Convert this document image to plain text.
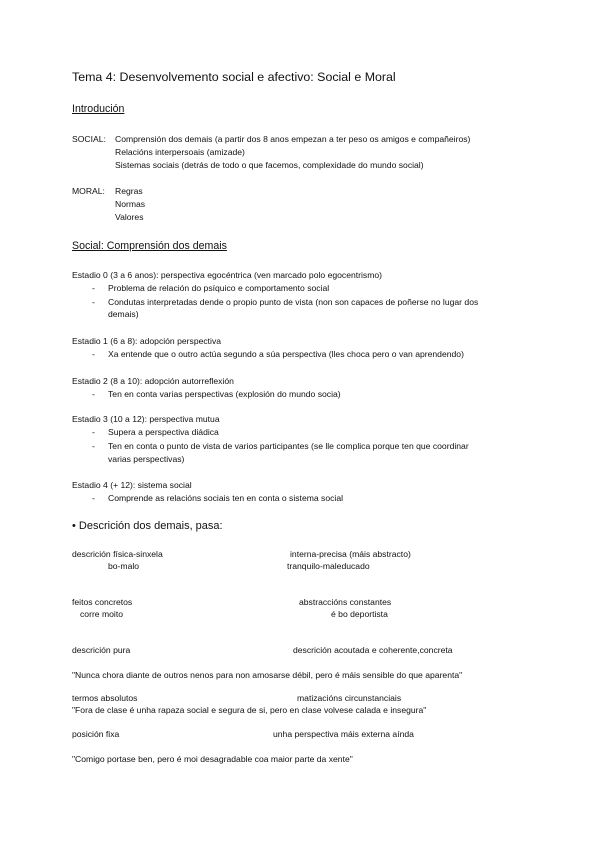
Tema 4: Desenvolvemento social e afectivo: Social e Moral
Introdución
SOCIAL: Comprensión dos demais (a partir dos 8 anos empezan a ter peso os amigos e compañeiros)
Relacións interpersoais (amizade)
Sistemas sociais (detrás de todo o que facemos, complexidade do mundo social)
MORAL: Regras
Normas
Valores
Social: Comprensión dos demais
Estadio 0 (3 a 6 anos): perspectiva egocéntrica (ven marcado polo egocentrismo)
- Problema de relación do psíquico e comportamento social
- Condutas interpretadas dende o propio punto de vista (non son capaces de poñerse no lugar dos
demais)
Estadio 1 (6 a 8): adopción perspectiva
- Xa entende que o outro actúa segundo a súa perspectiva (lles choca pero o van aprendendo)
Estadio 2 (8 a 10): adopción autorreflexión
- Ten en conta varias perspectivas (explosión do mundo socia)
Estadio 3 (10 a 12): perspectiva mutua
- Supera a perspectiva diádica
- Ten en conta o punto de vista de varios participantes (se lle complica porque ten que coordinar
varias perspectivas)
Estadio 4 (+ 12): sistema social
- Comprende as relacións sociais ten en conta o sistema social
• Descrición dos demais, pasa:
descrición física-sinxela	interna-precisa (máis abstracto)
bo-malo	tranquilo-maleducado
feitos concretos	abstraccións constantes
corre moito	é bo deportista
descrición pura	descrición acoutada e coherente,concreta
"Nunca chora diante de outros nenos para non amosarse débil, pero é máis sensible do que aparenta"
termos absolutos	matizacións circunstanciais
"Fora de clase é unha rapaza social e segura de si, pero en clase volvese calada e insegura"
posición fixa	unha perspectiva máis externa aínda
"Comigo portase ben, pero é moi desagradable coa maior parte da xente"
